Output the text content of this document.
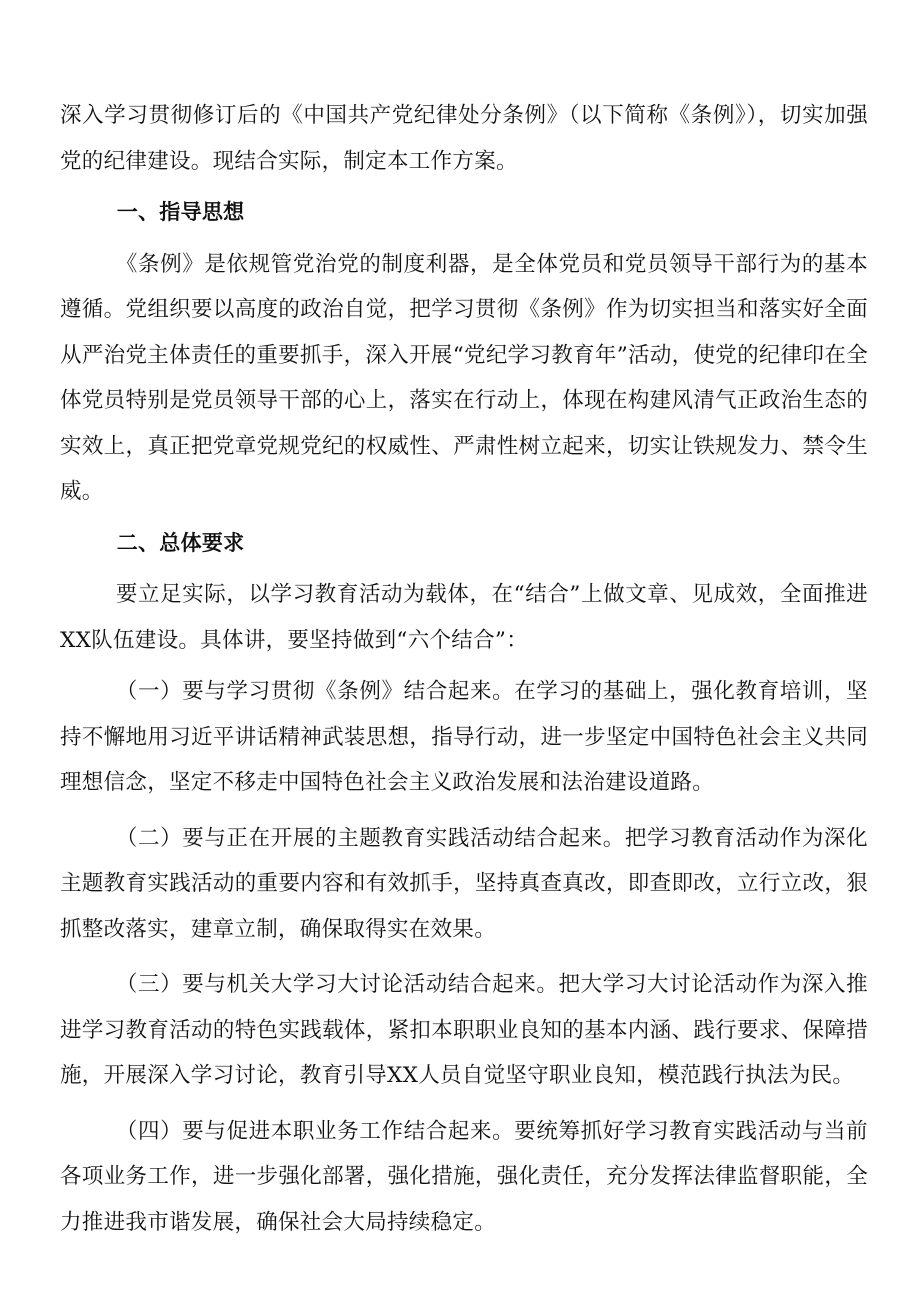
深入学习贯彻修订后的《中国共产党纪律处分条例》（以下简称《条例》），切实加强党的纪律建设。现结合实际，制定本工作方案。

一、指导思想

《条例》是依规管党治党的制度利器，是全体党员和党员领导干部行为的基本遵循。党组织要以高度的政治自觉，把学习贯彻《条例》作为切实担当和落实好全面从严治党主体责任的重要抓手，深入开展“党纪学习教育年”活动，使党的纪律印在全体党员特别是党员领导干部的心上，落实在行动上，体现在构建风清气正政治生态的实效上，真正把党章党规党纪的权威性、严肃性树立起来，切实让铁规发力、禁令生威。

二、总体要求

要立足实际，以学习教育活动为载体，在“结合”上做文章、见成效，全面推进XX队伍建设。具体讲，要坚持做到“六个结合”：

（一）要与学习贯彻《条例》结合起来。在学习的基础上，强化教育培训，坚持不懈地用习近平讲话精神武装思想，指导行动，进一步坚定中国特色社会主义共同理想信念，坚定不移走中国特色社会主义政治发展和法治建设道路。

（二）要与正在开展的主题教育实践活动结合起来。把学习教育活动作为深化主题教育实践活动的重要内容和有效抓手，坚持真查真改，即查即改，立行立改，狠抓整改落实，建章立制，确保取得实在效果。

（三）要与机关大学习大讨论活动结合起来。把大学习大讨论活动作为深入推进学习教育活动的特色实践载体，紧扣本职职业良知的基本内涵、践行要求、保障措施，开展深入学习讨论，教育引导XX人员自觉坚守职业良知，模范践行执法为民。

（四）要与促进本职业务工作结合起来。要统筹抓好学习教育实践活动与当前各项业务工作，进一步强化部署，强化措施，强化责任，充分发挥法律监督职能，全力推进我市谐发展，确保社会大局持续稳定。
